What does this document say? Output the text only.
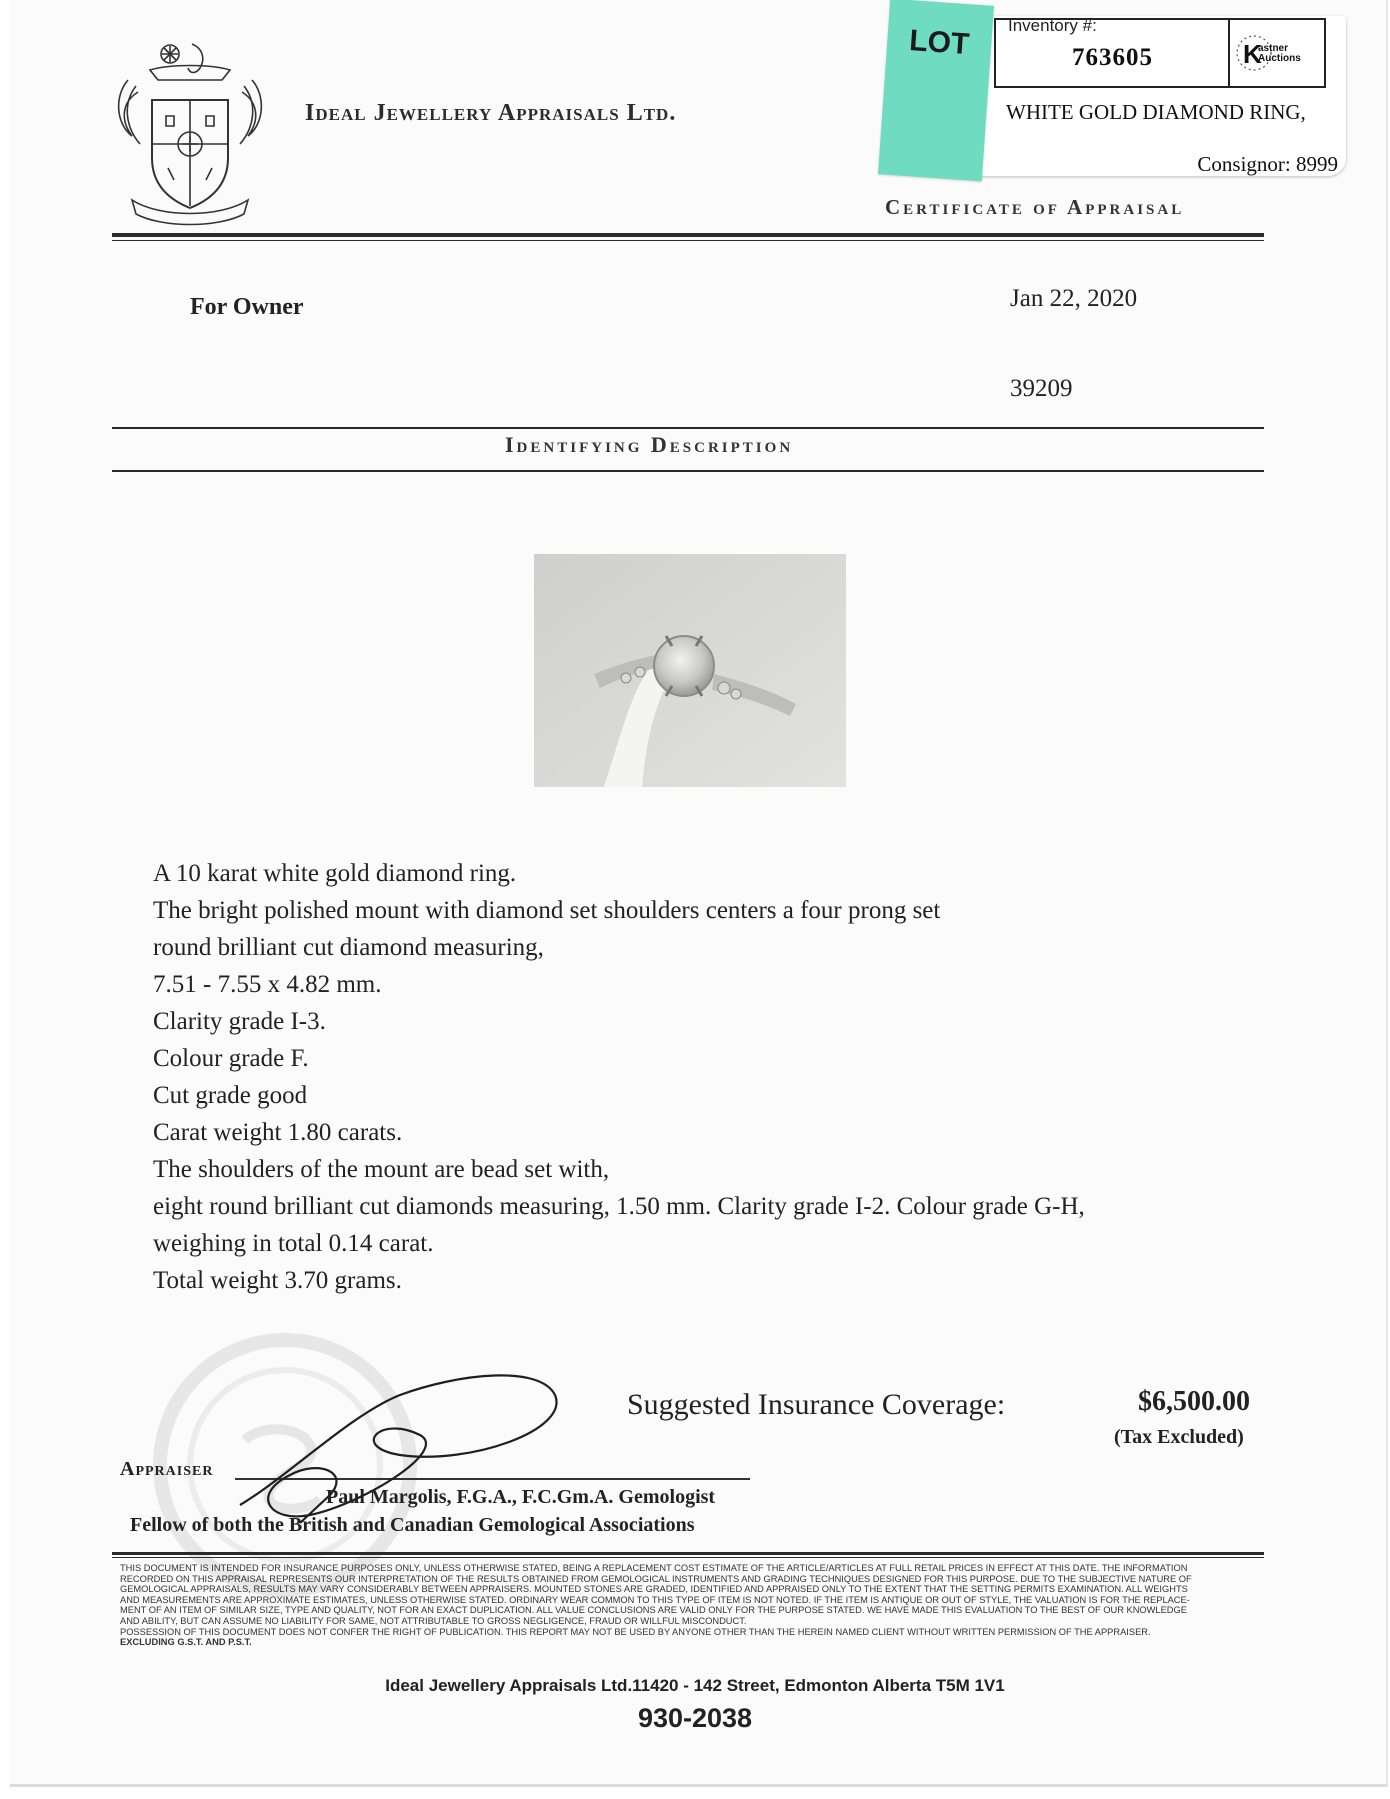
Ideal Jewellery Appraisals Ltd.
Inventory #:
763605	K
astner
Auctions
WHITE GOLD DIAMOND RING,
Consignor: 8999
LOT
Certificate of Appraisal
For Owner	Jan 22, 2020
39209
Identifying Description
A 10 karat white gold diamond ring.
The bright polished mount with diamond set shoulders centers a four prong set
round brilliant cut diamond measuring,
7.51 - 7.55 x 4.82 mm.
Clarity grade I-3.
Colour grade F.
Cut grade good
Carat weight 1.80 carats.
The shoulders of the mount are bead set with,
eight round brilliant cut diamonds measuring, 1.50 mm. Clarity grade I-2. Colour grade G-H,
weighing in total 0.14 carat.
Total weight 3.70 grams.
Suggested Insurance Coverage:	$6,500.00
(Tax Excluded)
Appraiser
Paul Margolis, F.G.A., F.C.Gm.A. Gemologist
Fellow of both the British and Canadian Gemological Associations
THIS DOCUMENT IS INTENDED FOR INSURANCE PURPOSES ONLY, UNLESS OTHERWISE STATED, BEING A REPLACEMENT COST ESTIMATE OF THE ARTICLE/ARTICLES AT FULL RETAIL PRICES IN EFFECT AT THIS DATE. THE INFORMATION
RECORDED ON THIS APPRAISAL REPRESENTS OUR INTERPRETATION OF THE RESULTS OBTAINED FROM GEMOLOGICAL INSTRUMENTS AND GRADING TECHNIQUES DESIGNED FOR THIS PURPOSE. DUE TO THE SUBJECTIVE NATURE OF
GEMOLOGICAL APPRAISALS, RESULTS MAY VARY CONSIDERABLY BETWEEN APPRAISERS. MOUNTED STONES ARE GRADED, IDENTIFIED AND APPRAISED ONLY TO THE EXTENT THAT THE SETTING PERMITS EXAMINATION. ALL WEIGHTS
AND MEASUREMENTS ARE APPROXIMATE ESTIMATES, UNLESS OTHERWISE STATED. ORDINARY WEAR COMMON TO THIS TYPE OF ITEM IS NOT NOTED. IF THE ITEM IS ANTIQUE OR OUT OF STYLE, THE VALUATION IS FOR THE REPLACE-
MENT OF AN ITEM OF SIMILAR SIZE, TYPE AND QUALITY, NOT FOR AN EXACT DUPLICATION. ALL VALUE CONCLUSIONS ARE VALID ONLY FOR THE PURPOSE STATED. WE HAVE MADE THIS EVALUATION TO THE BEST OF OUR KNOWLEDGE
AND ABILITY, BUT CAN ASSUME NO LIABILITY FOR SAME, NOT ATTRIBUTABLE TO GROSS NEGLIGENCE, FRAUD OR WILLFUL MISCONDUCT.
POSSESSION OF THIS DOCUMENT DOES NOT CONFER THE RIGHT OF PUBLICATION. THIS REPORT MAY NOT BE USED BY ANYONE OTHER THAN THE HEREIN NAMED CLIENT WITHOUT WRITTEN PERMISSION OF THE APPRAISER.
EXCLUDING G.S.T. AND P.S.T.
Ideal Jewellery Appraisals Ltd.11420 - 142 Street, Edmonton Alberta T5M 1V1
930-2038
